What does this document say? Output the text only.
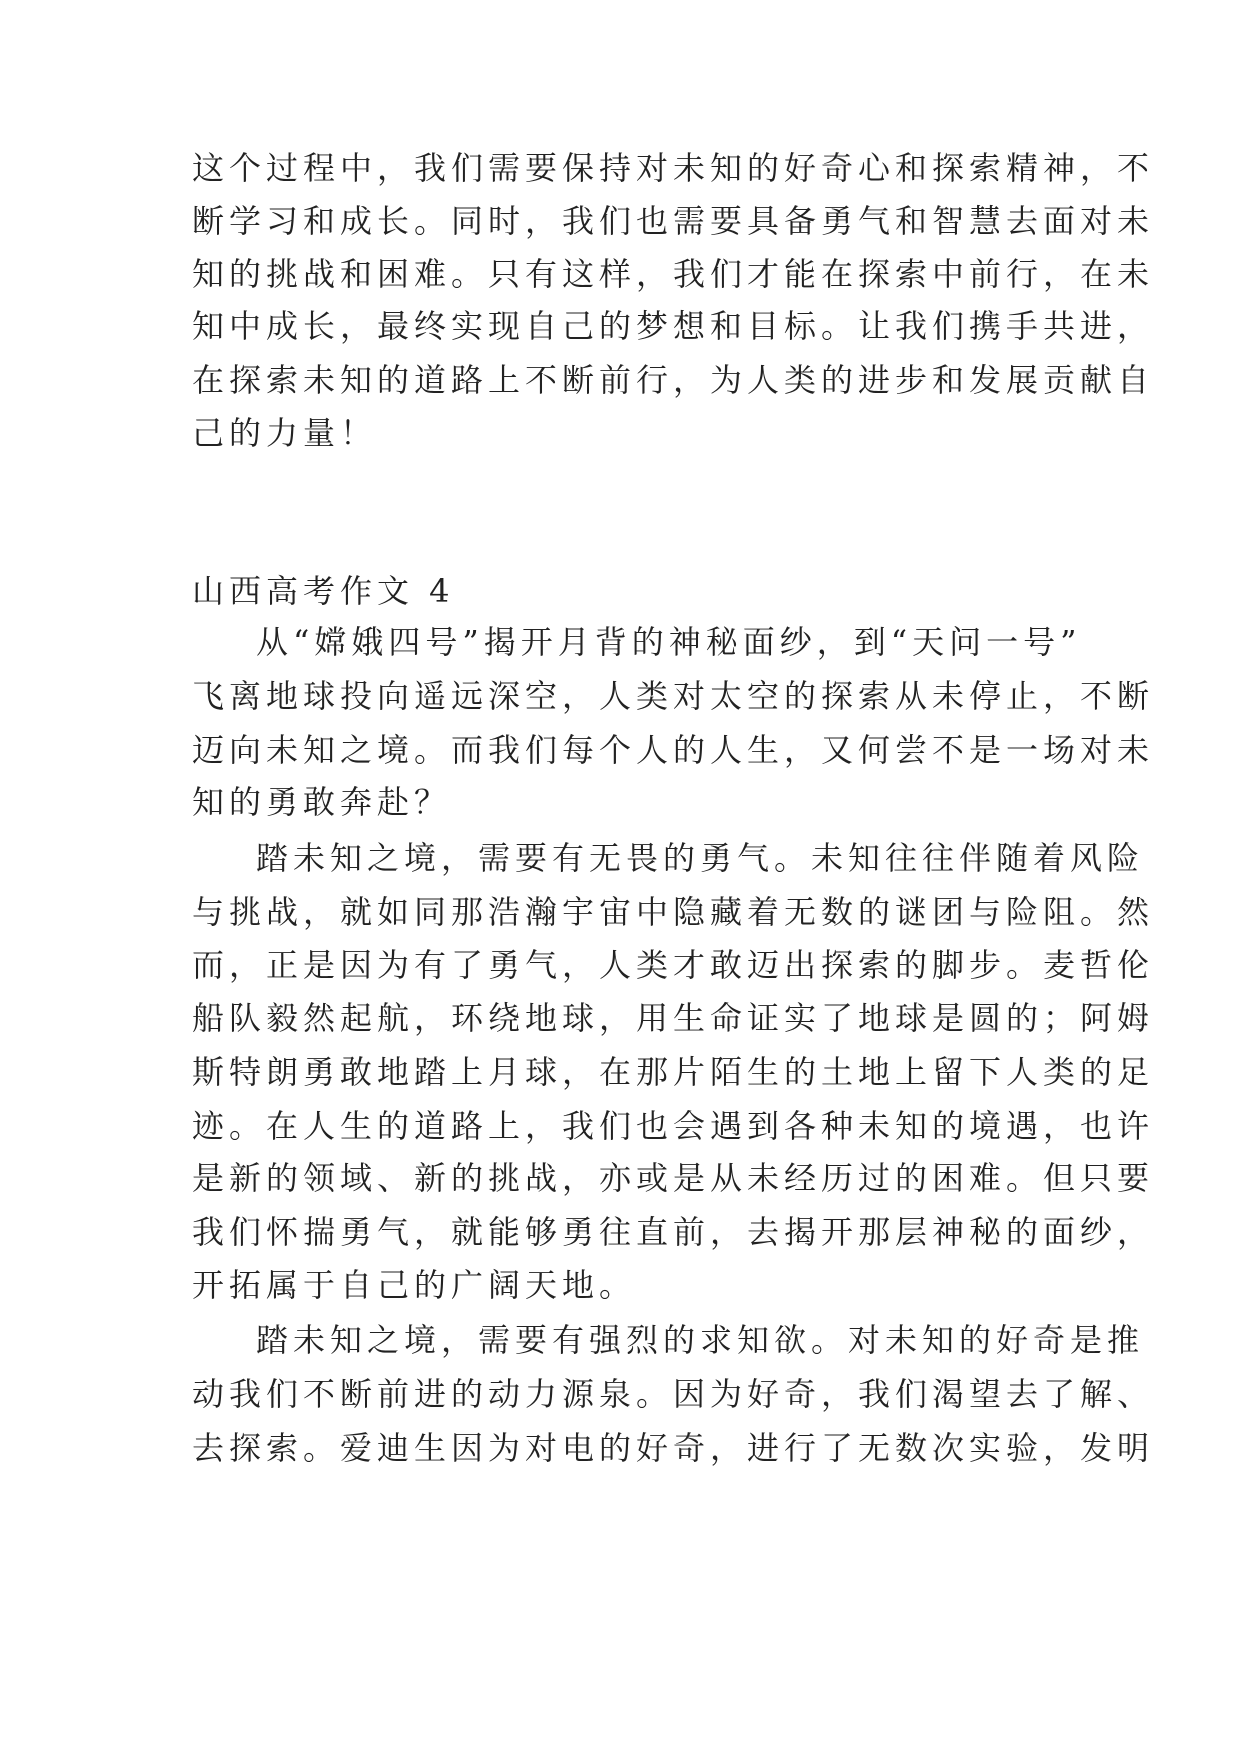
这个过程中，我们需要保持对未知的好奇心和探索精神，不

断学习和成长。同时，我们也需要具备勇气和智慧去面对未

知的挑战和困难。只有这样，我们才能在探索中前行，在未

知中成长，最终实现自己的梦想和目标。让我们携手共进，

在探索未知的道路上不断前行，为人类的进步和发展贡献自

己的力量！

山西高考作文 4

从“嫦娥四号”揭开月背的神秘面纱，到“天问一号”

飞离地球投向遥远深空，人类对太空的探索从未停止，不断

迈向未知之境。而我们每个人的人生，又何尝不是一场对未

知的勇敢奔赴？

踏未知之境，需要有无畏的勇气。未知往往伴随着风险

与挑战，就如同那浩瀚宇宙中隐藏着无数的谜团与险阻。然

而，正是因为有了勇气，人类才敢迈出探索的脚步。麦哲伦

船队毅然起航，环绕地球，用生命证实了地球是圆的；阿姆

斯特朗勇敢地踏上月球，在那片陌生的土地上留下人类的足

迹。在人生的道路上，我们也会遇到各种未知的境遇，也许

是新的领域、新的挑战，亦或是从未经历过的困难。但只要

我们怀揣勇气，就能够勇往直前，去揭开那层神秘的面纱，

开拓属于自己的广阔天地。

踏未知之境，需要有强烈的求知欲。对未知的好奇是推

动我们不断前进的动力源泉。因为好奇，我们渴望去了解、

去探索。爱迪生因为对电的好奇，进行了无数次实验，发明
